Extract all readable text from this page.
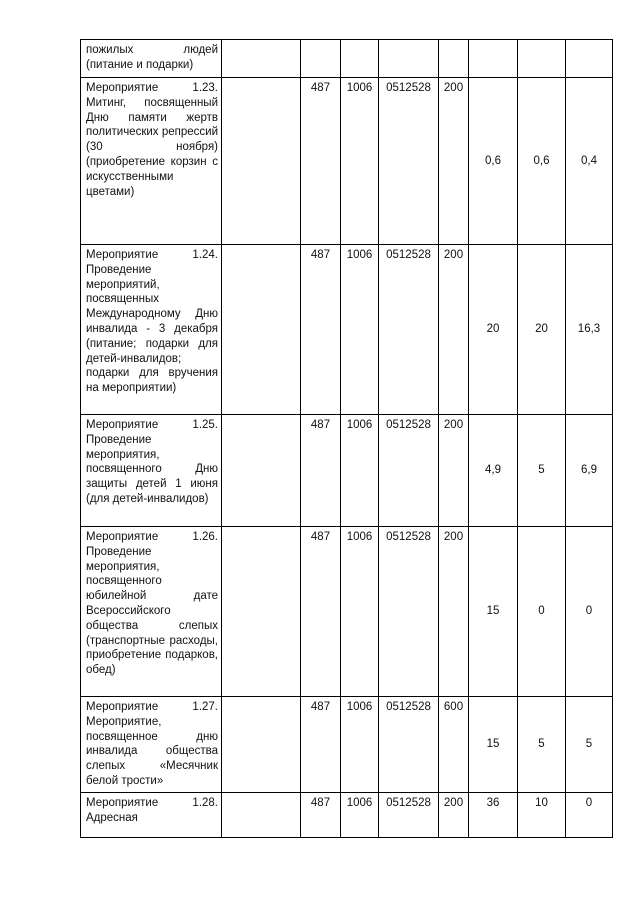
пожилых людей (питание и подарки)								
Мероприятие 1.23. Митинг, посвященный Дню памяти жертв политических репрессий (30 ноября) (приобретение корзин с искусственными цветами)		487	1006	0512528	200	0,6	0,6	0,4
Мероприятие 1.24. Проведение мероприятий, посвященных Международному Дню инвалида - 3 декабря (питание; подарки для детей-инвалидов; подарки для вручения на мероприятии)		487	1006	0512528	200	20	20	16,3
Мероприятие 1.25. Проведение мероприятия, посвященного Дню защиты детей 1 июня (для детей-инвалидов)		487	1006	0512528	200	4,9	5	6,9
Мероприятие 1.26. Проведение мероприятия, посвященного юбилейной дате Всероссийского общества слепых (транспортные расходы, приобретение подарков, обед)		487	1006	0512528	200	15	0	0
Мероприятие 1.27. Мероприятие, посвященное дню инвалида общества слепых «Месячник белой трости»		487	1006	0512528	600	15	5	5
Мероприятие 1.28. Адресная		487	1006	0512528	200	36	10	0
